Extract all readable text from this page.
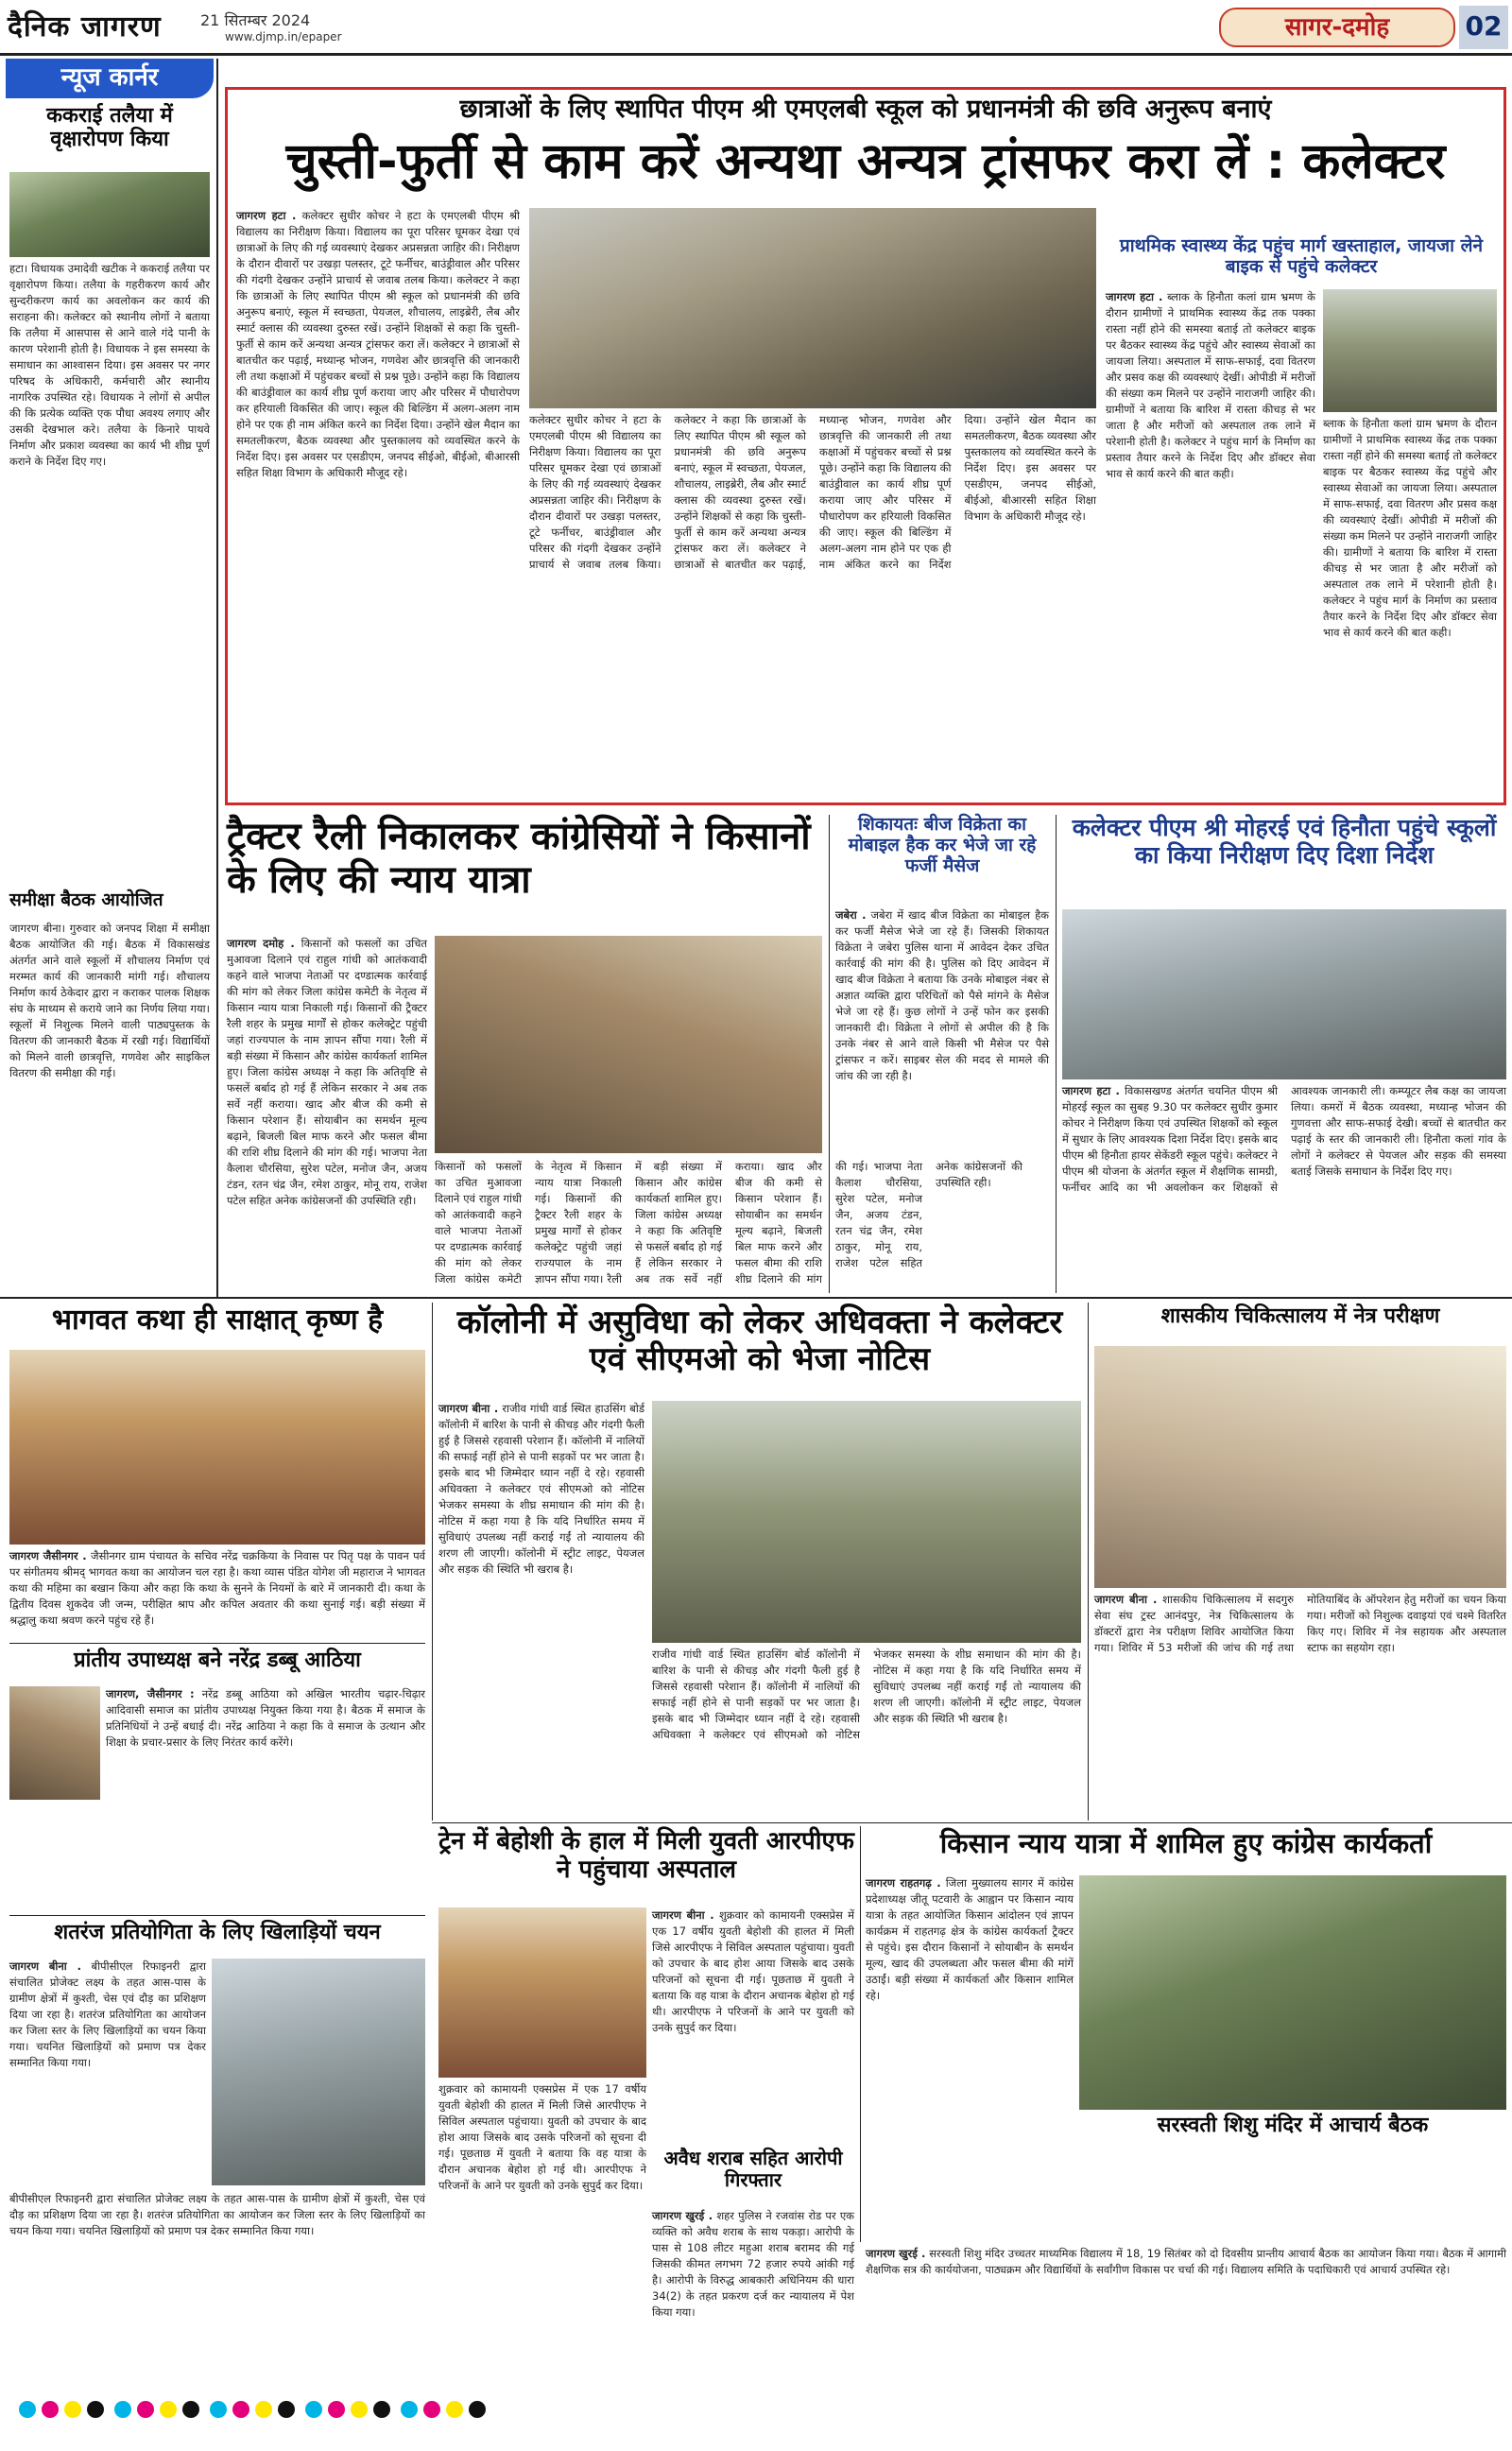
दैनिक जागरण	21 सितम्बर 2024
www.djmp.in/epaper	सागर-दमोह	02
न्यूज कार्नर
ककराई तलैया में वृक्षारोपण किया
हटा। विधायक उमादेवी खटीक ने ककराई तलैया पर वृक्षारोपण किया। तलैया के गहरीकरण कार्य और सुन्दरीकरण कार्य का अवलोकन कर कार्य की सराहना की। कलेक्टर को स्थानीय लोगों ने बताया कि तलैया में आसपास से आने वाले गंदे पानी के कारण परेशानी होती है। विधायक ने इस समस्या के समाधान का आश्वासन दिया। इस अवसर पर नगर परिषद के अधिकारी, कर्मचारी और स्थानीय नागरिक उपस्थित रहे। विधायक ने लोगों से अपील की कि प्रत्येक व्यक्ति एक पौधा अवश्य लगाए और उसकी देखभाल करे। तलैया के किनारे पाथवे निर्माण और प्रकाश व्यवस्था का कार्य भी शीघ्र पूर्ण कराने के निर्देश दिए गए।
समीक्षा बैठक आयोजित
जागरण बीना। गुरुवार को जनपद शिक्षा में समीक्षा बैठक आयोजित की गई। बैठक में विकासखंड अंतर्गत आने वाले स्कूलों में शौचालय निर्माण एवं मरम्मत कार्य की जानकारी मांगी गई। शौचालय निर्माण कार्य ठेकेदार द्वारा न कराकर पालक शिक्षक संघ के माध्यम से कराये जाने का निर्णय लिया गया। स्कूलों में निशुल्क मिलने वाली पाठ्यपुस्तक के वितरण की जानकारी बैठक में रखी गई। विद्यार्थियों को मिलने वाली छात्रवृत्ति, गणवेश और साइकिल वितरण की समीक्षा की गई।
छात्राओं के लिए स्थापित पीएम श्री एमएलबी स्कूल को प्रधानमंत्री की छवि अनुरूप बनाएं
चुस्ती-फुर्ती से काम करें अन्यथा अन्यत्र ट्रांसफर करा लें : कलेक्टर
जागरण हटा . कलेक्टर सुधीर कोचर ने हटा के एमएलबी पीएम श्री विद्यालय का निरीक्षण किया। विद्यालय का पूरा परिसर घूमकर देखा एवं छात्राओं के लिए की गई व्यवस्थाएं देखकर अप्रसन्नता जाहिर की। निरीक्षण के दौरान दीवारों पर उखड़ा पलस्तर, टूटे फर्नीचर, बाउंड्रीवाल और परिसर की गंदगी देखकर उन्होंने प्राचार्य से जवाब तलब किया। कलेक्टर ने कहा कि छात्राओं के लिए स्थापित पीएम श्री स्कूल को प्रधानमंत्री की छवि अनुरूप बनाएं, स्कूल में स्वच्छता, पेयजल, शौचालय, लाइब्रेरी, लैब और स्मार्ट क्लास की व्यवस्था दुरुस्त रखें। उन्होंने शिक्षकों से कहा कि चुस्ती-फुर्ती से काम करें अन्यथा अन्यत्र ट्रांसफर करा लें। कलेक्टर ने छात्राओं से बातचीत कर पढ़ाई, मध्यान्ह भोजन, गणवेश और छात्रवृत्ति की जानकारी ली तथा कक्षाओं में पहुंचकर बच्चों से प्रश्न पूछे। उन्होंने कहा कि विद्यालय की बाउंड्रीवाल का कार्य शीघ्र पूर्ण कराया जाए और परिसर में पौधारोपण कर हरियाली विकसित की जाए। स्कूल की बिल्डिंग में अलग-अलग नाम होने पर एक ही नाम अंकित करने का निर्देश दिया। उन्होंने खेल मैदान का समतलीकरण, बैठक व्यवस्था और पुस्तकालय को व्यवस्थित करने के निर्देश दिए। इस अवसर पर एसडीएम, जनपद सीईओ, बीईओ, बीआरसी सहित शिक्षा विभाग के अधिकारी मौजूद रहे।
कलेक्टर सुधीर कोचर ने हटा के एमएलबी पीएम श्री विद्यालय का निरीक्षण किया। विद्यालय का पूरा परिसर घूमकर देखा एवं छात्राओं के लिए की गई व्यवस्थाएं देखकर अप्रसन्नता जाहिर की। निरीक्षण के दौरान दीवारों पर उखड़ा पलस्तर, टूटे फर्नीचर, बाउंड्रीवाल और परिसर की गंदगी देखकर उन्होंने प्राचार्य से जवाब तलब किया। कलेक्टर ने कहा कि छात्राओं के लिए स्थापित पीएम श्री स्कूल को प्रधानमंत्री की छवि अनुरूप बनाएं, स्कूल में स्वच्छता, पेयजल, शौचालय, लाइब्रेरी, लैब और स्मार्ट क्लास की व्यवस्था दुरुस्त रखें। उन्होंने शिक्षकों से कहा कि चुस्ती-फुर्ती से काम करें अन्यथा अन्यत्र ट्रांसफर करा लें। कलेक्टर ने छात्राओं से बातचीत कर पढ़ाई, मध्यान्ह भोजन, गणवेश और छात्रवृत्ति की जानकारी ली तथा कक्षाओं में पहुंचकर बच्चों से प्रश्न पूछे। उन्होंने कहा कि विद्यालय की बाउंड्रीवाल का कार्य शीघ्र पूर्ण कराया जाए और परिसर में पौधारोपण कर हरियाली विकसित की जाए। स्कूल की बिल्डिंग में अलग-अलग नाम होने पर एक ही नाम अंकित करने का निर्देश दिया। उन्होंने खेल मैदान का समतलीकरण, बैठक व्यवस्था और पुस्तकालय को व्यवस्थित करने के निर्देश दिए। इस अवसर पर एसडीएम, जनपद सीईओ, बीईओ, बीआरसी सहित शिक्षा विभाग के अधिकारी मौजूद रहे।
प्राथमिक स्वास्थ्य केंद्र पहुंच मार्ग खस्ताहाल, जायजा लेने बाइक से पहुंचे कलेक्टर
जागरण हटा . ब्लाक के हिनौता कलां ग्राम भ्रमण के दौरान ग्रामीणों ने प्राथमिक स्वास्थ्य केंद्र तक पक्का रास्ता नहीं होने की समस्या बताई तो कलेक्टर बाइक पर बैठकर स्वास्थ्य केंद्र पहुंचे और स्वास्थ्य सेवाओं का जायजा लिया। अस्पताल में साफ-सफाई, दवा वितरण और प्रसव कक्ष की व्यवस्थाएं देखीं। ओपीडी में मरीजों की संख्या कम मिलने पर उन्होंने नाराजगी जाहिर की। ग्रामीणों ने बताया कि बारिश में रास्ता कीचड़ से भर जाता है और मरीजों को अस्पताल तक लाने में परेशानी होती है। कलेक्टर ने पहुंच मार्ग के निर्माण का प्रस्ताव तैयार करने के निर्देश दिए और डॉक्टर सेवा भाव से कार्य करने की बात कही।
ब्लाक के हिनौता कलां ग्राम भ्रमण के दौरान ग्रामीणों ने प्राथमिक स्वास्थ्य केंद्र तक पक्का रास्ता नहीं होने की समस्या बताई तो कलेक्टर बाइक पर बैठकर स्वास्थ्य केंद्र पहुंचे और स्वास्थ्य सेवाओं का जायजा लिया। अस्पताल में साफ-सफाई, दवा वितरण और प्रसव कक्ष की व्यवस्थाएं देखीं। ओपीडी में मरीजों की संख्या कम मिलने पर उन्होंने नाराजगी जाहिर की। ग्रामीणों ने बताया कि बारिश में रास्ता कीचड़ से भर जाता है और मरीजों को अस्पताल तक लाने में परेशानी होती है। कलेक्टर ने पहुंच मार्ग के निर्माण का प्रस्ताव तैयार करने के निर्देश दिए और डॉक्टर सेवा भाव से कार्य करने की बात कही।
ट्रैक्टर रैली निकालकर कांग्रेसियों ने किसानों के लिए की न्याय यात्रा
जागरण दमोह . किसानों को फसलों का उचित मुआवजा दिलाने एवं राहुल गांधी को आतंकवादी कहने वाले भाजपा नेताओं पर दण्डात्मक कार्रवाई की मांग को लेकर जिला कांग्रेस कमेटी के नेतृत्व में किसान न्याय यात्रा निकाली गई। किसानों की ट्रैक्टर रैली शहर के प्रमुख मार्गों से होकर कलेक्ट्रेट पहुंची जहां राज्यपाल के नाम ज्ञापन सौंपा गया। रैली में बड़ी संख्या में किसान और कांग्रेस कार्यकर्ता शामिल हुए। जिला कांग्रेस अध्यक्ष ने कहा कि अतिवृष्टि से फसलें बर्बाद हो गई हैं लेकिन सरकार ने अब तक सर्वे नहीं कराया। खाद और बीज की कमी से किसान परेशान हैं। सोयाबीन का समर्थन मूल्य बढ़ाने, बिजली बिल माफ करने और फसल बीमा की राशि शीघ्र दिलाने की मांग की गई। भाजपा नेता कैलाश चौरसिया, सुरेश पटेल, मनोज जैन, अजय टंडन, रतन चंद्र जैन, रमेश ठाकुर, मोनू राय, राजेश पटेल सहित अनेक कांग्रेसजनों की उपस्थिति रही।
किसानों को फसलों का उचित मुआवजा दिलाने एवं राहुल गांधी को आतंकवादी कहने वाले भाजपा नेताओं पर दण्डात्मक कार्रवाई की मांग को लेकर जिला कांग्रेस कमेटी के नेतृत्व में किसान न्याय यात्रा निकाली गई। किसानों की ट्रैक्टर रैली शहर के प्रमुख मार्गों से होकर कलेक्ट्रेट पहुंची जहां राज्यपाल के नाम ज्ञापन सौंपा गया। रैली में बड़ी संख्या में किसान और कांग्रेस कार्यकर्ता शामिल हुए। जिला कांग्रेस अध्यक्ष ने कहा कि अतिवृष्टि से फसलें बर्बाद हो गई हैं लेकिन सरकार ने अब तक सर्वे नहीं कराया। खाद और बीज की कमी से किसान परेशान हैं। सोयाबीन का समर्थन मूल्य बढ़ाने, बिजली बिल माफ करने और फसल बीमा की राशि शीघ्र दिलाने की मांग की गई। भाजपा नेता कैलाश चौरसिया, सुरेश पटेल, मनोज जैन, अजय टंडन, रतन चंद्र जैन, रमेश ठाकुर, मोनू राय, राजेश पटेल सहित अनेक कांग्रेसजनों की उपस्थिति रही।
शिकायतः बीज विक्रेता का मोबाइल हैक कर भेजे जा रहे फर्जी मैसेज
जबेरा . जबेरा में खाद बीज विक्रेता का मोबाइल हैक कर फर्जी मैसेज भेजे जा रहे हैं। जिसकी शिकायत विक्रेता ने जबेरा पुलिस थाना में आवेदन देकर उचित कार्रवाई की मांग की है। पुलिस को दिए आवेदन में खाद बीज विक्रेता ने बताया कि उनके मोबाइल नंबर से अज्ञात व्यक्ति द्वारा परिचितों को पैसे मांगने के मैसेज भेजे जा रहे हैं। कुछ लोगों ने उन्हें फोन कर इसकी जानकारी दी। विक्रेता ने लोगों से अपील की है कि उनके नंबर से आने वाले किसी भी मैसेज पर पैसे ट्रांसफर न करें। साइबर सेल की मदद से मामले की जांच की जा रही है।
कलेक्टर पीएम श्री मोहरई एवं हिनौता पहुंचे स्कूलों का किया निरीक्षण दिए दिशा निर्देश
जागरण हटा . विकासखण्ड अंतर्गत चयनित पीएम श्री मोहरई स्कूल का सुबह 9.30 पर कलेक्टर सुधीर कुमार कोचर ने निरीक्षण किया एवं उपस्थित शिक्षकों को स्कूल में सुधार के लिए आवश्यक दिशा निर्देश दिए। इसके बाद पीएम श्री हिनौता हायर सेकेंडरी स्कूल पहुंचे। कलेक्टर ने पीएम श्री योजना के अंतर्गत स्कूल में शैक्षणिक सामग्री, फर्नीचर आदि का भी अवलोकन कर शिक्षकों से आवश्यक जानकारी ली। कम्प्यूटर लैब कक्ष का जायजा लिया। कमरों में बैठक व्यवस्था, मध्यान्ह भोजन की गुणवत्ता और साफ-सफाई देखी। बच्चों से बातचीत कर पढ़ाई के स्तर की जानकारी ली। हिनौता कलां गांव के लोगों ने कलेक्टर से पेयजल और सड़क की समस्या बताई जिसके समाधान के निर्देश दिए गए।
भागवत कथा ही साक्षात् कृष्ण है
जागरण जैसीनगर . जैसीनगर ग्राम पंचायत के सचिव नरेंद्र चक्रकिया के निवास पर पितृ पक्ष के पावन पर्व पर संगीतमय श्रीमद् भागवत कथा का आयोजन चल रहा है। कथा व्यास पंडित योगेश जी महाराज ने भागवत कथा की महिमा का बखान किया और कहा कि कथा के सुनने के नियमों के बारे में जानकारी दी। कथा के द्वितीय दिवस शुकदेव जी जन्म, परीक्षित श्राप और कपिल अवतार की कथा सुनाई गई। बड़ी संख्या में श्रद्धालु कथा श्रवण करने पहुंच रहे हैं।
कॉलोनी में असुविधा को लेकर अधिवक्ता ने कलेक्टर एवं सीएमओ को भेजा नोटिस
जागरण बीना . राजीव गांधी वार्ड स्थित हाउसिंग बोर्ड कॉलोनी में बारिश के पानी से कीचड़ और गंदगी फैली हुई है जिससे रहवासी परेशान हैं। कॉलोनी में नालियों की सफाई नहीं होने से पानी सड़कों पर भर जाता है। इसके बाद भी जिम्मेदार ध्यान नहीं दे रहे। रहवासी अधिवक्ता ने कलेक्टर एवं सीएमओ को नोटिस भेजकर समस्या के शीघ्र समाधान की मांग की है। नोटिस में कहा गया है कि यदि निर्धारित समय में सुविधाएं उपलब्ध नहीं कराई गईं तो न्यायालय की शरण ली जाएगी। कॉलोनी में स्ट्रीट लाइट, पेयजल और सड़क की स्थिति भी खराब है।
राजीव गांधी वार्ड स्थित हाउसिंग बोर्ड कॉलोनी में बारिश के पानी से कीचड़ और गंदगी फैली हुई है जिससे रहवासी परेशान हैं। कॉलोनी में नालियों की सफाई नहीं होने से पानी सड़कों पर भर जाता है। इसके बाद भी जिम्मेदार ध्यान नहीं दे रहे। रहवासी अधिवक्ता ने कलेक्टर एवं सीएमओ को नोटिस भेजकर समस्या के शीघ्र समाधान की मांग की है। नोटिस में कहा गया है कि यदि निर्धारित समय में सुविधाएं उपलब्ध नहीं कराई गईं तो न्यायालय की शरण ली जाएगी। कॉलोनी में स्ट्रीट लाइट, पेयजल और सड़क की स्थिति भी खराब है।
शासकीय चिकित्सालय में नेत्र परीक्षण
जागरण बीना . शासकीय चिकित्सालय में सदगुरु सेवा संघ ट्रस्ट आनंदपुर, नेत्र चिकित्सालय के डॉक्टरों द्वारा नेत्र परीक्षण शिविर आयोजित किया गया। शिविर में 53 मरीजों की जांच की गई तथा मोतियाबिंद के ऑपरेशन हेतु मरीजों का चयन किया गया। मरीजों को निशुल्क दवाइयां एवं चश्मे वितरित किए गए। शिविर में नेत्र सहायक और अस्पताल स्टाफ का सहयोग रहा।
प्रांतीय उपाध्यक्ष बने नरेंद्र डब्बू आठिया
जागरण, जैसीनगर : नरेंद्र डब्बू आठिया को अखिल भारतीय चढ़ार-चिढ़ार आदिवासी समाज का प्रांतीय उपाध्यक्ष नियुक्त किया गया है। बैठक में समाज के प्रतिनिधियों ने उन्हें बधाई दी। नरेंद्र आठिया ने कहा कि वे समाज के उत्थान और शिक्षा के प्रचार-प्रसार के लिए निरंतर कार्य करेंगे।
शतरंज प्रतियोगिता के लिए खिलाड़ियों चयन
जागरण बीना . बीपीसीएल रिफाइनरी द्वारा संचालित प्रोजेक्ट लक्ष्य के तहत आस-पास के ग्रामीण क्षेत्रों में कुश्ती, चेस एवं दौड़ का प्रशिक्षण दिया जा रहा है। शतरंज प्रतियोगिता का आयोजन कर जिला स्तर के लिए खिलाड़ियों का चयन किया गया। चयनित खिलाड़ियों को प्रमाण पत्र देकर सम्मानित किया गया।
बीपीसीएल रिफाइनरी द्वारा संचालित प्रोजेक्ट लक्ष्य के तहत आस-पास के ग्रामीण क्षेत्रों में कुश्ती, चेस एवं दौड़ का प्रशिक्षण दिया जा रहा है। शतरंज प्रतियोगिता का आयोजन कर जिला स्तर के लिए खिलाड़ियों का चयन किया गया। चयनित खिलाड़ियों को प्रमाण पत्र देकर सम्मानित किया गया।
ट्रेन में बेहोशी के हाल में मिली युवती आरपीएफ ने पहुंचाया अस्पताल
जागरण बीना . शुक्रवार को कामायनी एक्सप्रेस में एक 17 वर्षीय युवती बेहोशी की हालत में मिली जिसे आरपीएफ ने सिविल अस्पताल पहुंचाया। युवती को उपचार के बाद होश आया जिसके बाद उसके परिजनों को सूचना दी गई। पूछताछ में युवती ने बताया कि वह यात्रा के दौरान अचानक बेहोश हो गई थी। आरपीएफ ने परिजनों के आने पर युवती को उनके सुपुर्द कर दिया।
शुक्रवार को कामायनी एक्सप्रेस में एक 17 वर्षीय युवती बेहोशी की हालत में मिली जिसे आरपीएफ ने सिविल अस्पताल पहुंचाया। युवती को उपचार के बाद होश आया जिसके बाद उसके परिजनों को सूचना दी गई। पूछताछ में युवती ने बताया कि वह यात्रा के दौरान अचानक बेहोश हो गई थी। आरपीएफ ने परिजनों के आने पर युवती को उनके सुपुर्द कर दिया।
अवैध शराब सहित आरोपी गिरफ्तार
जागरण खुरई . शहर पुलिस ने रजवांस रोड पर एक व्यक्ति को अवैध शराब के साथ पकड़ा। आरोपी के पास से 108 लीटर महुआ शराब बरामद की गई जिसकी कीमत लगभग 72 हजार रुपये आंकी गई है। आरोपी के विरुद्ध आबकारी अधिनियम की धारा 34(2) के तहत प्रकरण दर्ज कर न्यायालय में पेश किया गया।
किसान न्याय यात्रा में शामिल हुए कांग्रेस कार्यकर्ता
जागरण राहतगढ़ . जिला मुख्यालय सागर में कांग्रेस प्रदेशाध्यक्ष जीतू पटवारी के आह्वान पर किसान न्याय यात्रा के तहत आयोजित किसान आंदोलन एवं ज्ञापन कार्यक्रम में राहतगढ़ क्षेत्र के कांग्रेस कार्यकर्ता ट्रैक्टर से पहुंचे। इस दौरान किसानों ने सोयाबीन के समर्थन मूल्य, खाद की उपलब्धता और फसल बीमा की मांगें उठाईं। बड़ी संख्या में कार्यकर्ता और किसान शामिल रहे।
सरस्वती शिशु मंदिर में आचार्य बैठक
जागरण खुरई . सरस्वती शिशु मंदिर उच्चतर माध्यमिक विद्यालय में 18, 19 सितंबर को दो दिवसीय प्रान्तीय आचार्य बैठक का आयोजन किया गया। बैठक में आगामी शैक्षणिक सत्र की कार्ययोजना, पाठ्यक्रम और विद्यार्थियों के सर्वांगीण विकास पर चर्चा की गई। विद्यालय समिति के पदाधिकारी एवं आचार्य उपस्थित रहे।
